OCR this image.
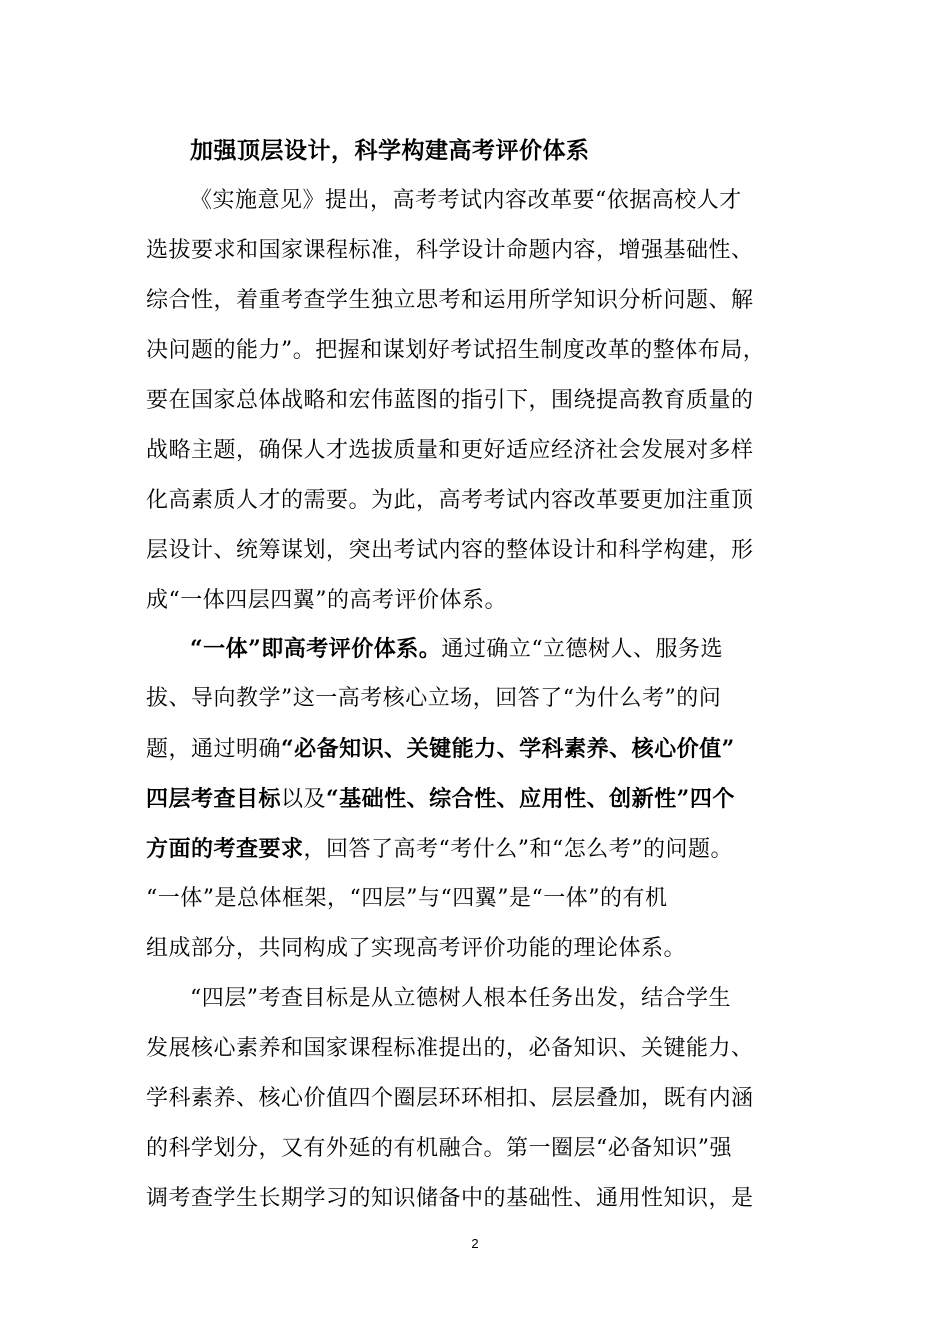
加强顶层设计，科学构建高考评价体系
《实施意见》提出，高考考试内容改革要“依据高校人才
选拔要求和国家课程标准，科学设计命题内容，增强基础性、
综合性，着重考查学生独立思考和运用所学知识分析问题、解
决问题的能力”。把握和谋划好考试招生制度改革的整体布局，
要在国家总体战略和宏伟蓝图的指引下，围绕提高教育质量的
战略主题，确保人才选拔质量和更好适应经济社会发展对多样
化高素质人才的需要。为此，高考考试内容改革要更加注重顶
层设计、统筹谋划，突出考试内容的整体设计和科学构建，形
成“一体四层四翼”的高考评价体系。
“一体”即高考评价体系。通过确立“立德树人、服务选
拔、导向教学”这一高考核心立场，回答了“为什么考”的问
题，通过明确“必备知识、关键能力、学科素养、核心价值”
四层考查目标以及“基础性、综合性、应用性、创新性”四个
方面的考查要求，回答了高考“考什么”和“怎么考”的问题。
“一体”是总体框架，“四层”与“四翼”是“一体”的有机
组成部分，共同构成了实现高考评价功能的理论体系。
“四层”考查目标是从立德树人根本任务出发，结合学生
发展核心素养和国家课程标准提出的，必备知识、关键能力、
学科素养、核心价值四个圈层环环相扣、层层叠加，既有内涵
的科学划分，又有外延的有机融合。第一圈层“必备知识”强
调考查学生长期学习的知识储备中的基础性、通用性知识，是
2
